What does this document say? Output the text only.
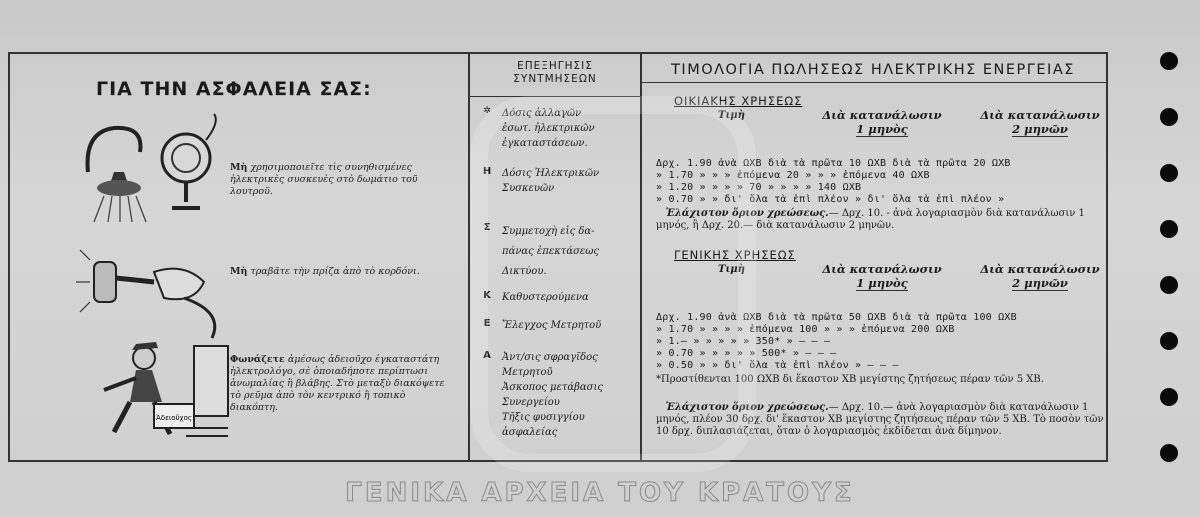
ΓΙΑ ΤΗΝ ΑΣΦΑΛΕΙΑ ΣΑΣ:
Μὴ χρησιμοποιεῖτε τὶς συνηθισμένες ἠλεκτρικὲς συσκευὲς στὸ δωμάτιο τοῦ λουτροῦ.
Μὴ τραβᾶτε τὴν πρίζα ἀπὸ τὸ κορδόνι.
Ἀδειοῦχος
Φωνάζετε ἀμέσως ἀδειοῦχο ἐγκαταστάτη ἠλεκτρολόγο, σὲ ὁποιαδήποτε περίπτωσι ἀνωμαλίας ἢ βλάβης. Στὸ μεταξὺ διακόψετε τὸ ρεῦμα ἀπὸ τὸν κεντρικό ἢ τοπικὸ διακόπτη.
ΕΠΕΞΗΓΗΣΙΣ
ΣΥΝΤΜΗΣΕΩΝ
✲	Δόσις ἀλλαγῶν
ἐσωτ. ἠλεκτρικῶν
ἐγκαταστάσεων.
Η Δόσις Ἠλεκτρικῶν
Συσκευῶν
Σ	Συμμετοχὴ εἰς δα-
πάνας ἐπεκτάσεως
Δικτύου.
Κ	Καθυστερούμενα
Ε	Ἔλεγχος Μετρητοῦ
Α	Ἀντ/σις σφραγῖδος
Μετρητοῦ
Ἀσκοπος μετάβασις
Συνεργείου
Τῆξις φυσιγγίου
ἀσφαλείας
ΤΙΜΟΛΟΓΙΑ ΠΩΛΗΣΕΩΣ ΗΛΕΚΤΡΙΚΗΣ ΕΝΕΡΓΕΙΑΣ
ΟΙΚΙΑΚΗΣ ΧΡΗΣΕΩΣ
Τιμὴ	Διὰ κατανάλωσιν
1 μηνὸς
Διὰ κατανάλωσιν
2 μηνῶν
Δρχ. 1.90 ἀνὰ ΩΧΒ διὰ τὰ πρῶτα 10 ΩΧΒ διὰ τὰ πρῶτα 20 ΩΧΒ
» 1.70 » » » ἑπόμενα 20 » » » ἑπόμενα 40 ΩΧΒ
» 1.20 » » » » 70 » » » » 140 ΩΧΒ
» 0.70 » » δι' ὅλα τὰ ἐπὶ πλέον » δι' ὅλα τὰ ἐπὶ πλέον »
Ἐλάχιστον ὅριον χρεώσεως.— Δρχ. 10. - ἀνὰ λογαριασμὸν διὰ κατανάλωσιν 1 μηνός, ἢ Δρχ. 20.— διὰ κατανάλωσιν 2 μηνῶν.
ΓΕΝΙΚΗΣ ΧΡΗΣΕΩΣ
Τιμὴ	Διὰ κατανάλωσιν
1 μηνὸς
Διὰ κατανάλωσιν
2 μηνῶν
Δρχ. 1.90 ἀνὰ ΩΧΒ διὰ τὰ πρῶτα 50 ΩΧΒ διὰ τὰ πρῶτα 100 ΩΧΒ
» 1.70 » » » » ἑπόμενα 100 » » » ἑπόμενα 200 ΩΧΒ
» 1.— » » » » » 350* » — — —
» 0.70 » » » » » 500* » — — —
» 0.50 » » δι' ὅλα τὰ ἐπὶ πλέον » — — —
*Προστίθενται 100 ΩΧΒ δι ἕκαστον ΧΒ μεγίστης ζητήσεως πέραν τῶν 5 ΧΒ.
Ἐλάχιστον ὅριον χρεώσεως.— Δρχ. 10.— ἀνὰ λογαριασμὸν διὰ κατανάλωσιν 1 μηνός, πλέον 30 δρχ. δι' ἕκαστον ΧΒ μεγίστης ζητήσεως πέραν τῶν 5 ΧΒ. Τὸ ποσὸν τῶν 10 δρχ. διπλασιάζεται, ὅταν ὁ λογαριασμὸς ἐκδίδεται ἀνὰ δίμηνον.
ΓΕΝΙΚΑ ΑΡΧΕΙΑ ΤΟΥ ΚΡΑΤΟΥΣ
